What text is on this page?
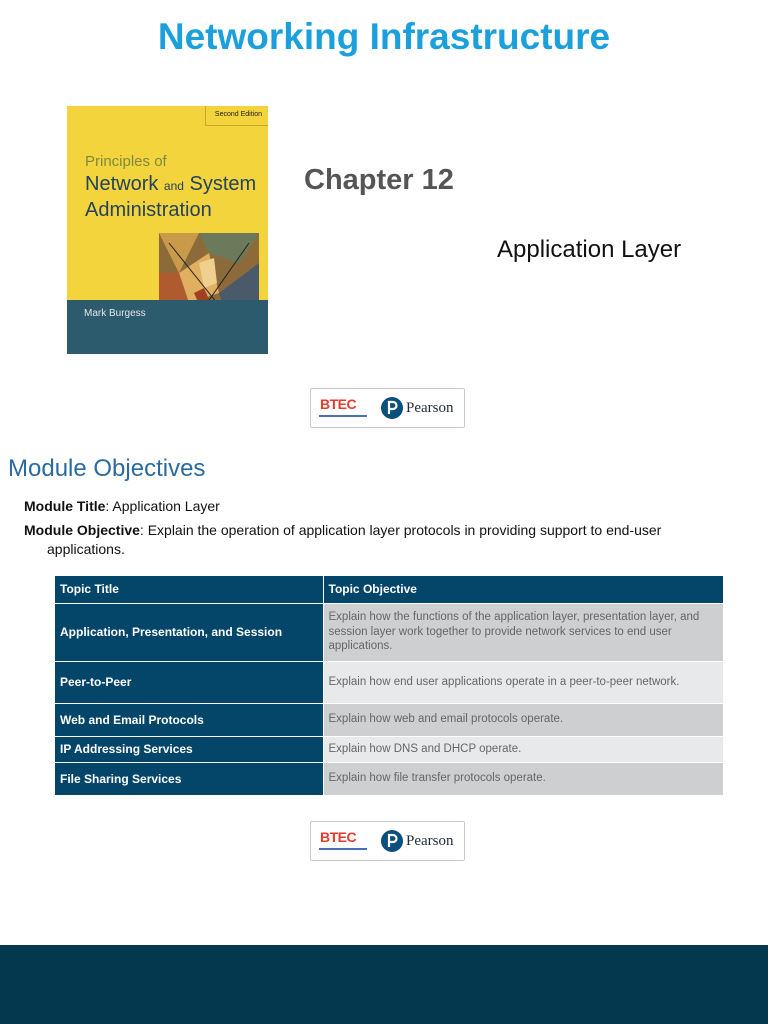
Networking Infrastructure
Second Edition
Principles of
Network and System
Administration
Mark Burgess
Chapter 12
Application Layer
BTEC	Pearson
Module Objectives
Module Title: Application Layer
Module Objective: Explain the operation of application layer protocols in providing support to end-user
applications.
Topic Title	Topic Objective
Application, Presentation, and Session	Explain how the functions of the application layer, presentation layer, and session layer work together to provide network services to end user applications.
Peer-to-Peer	Explain how end user applications operate in a peer-to-peer network.
Web and Email Protocols	Explain how web and email protocols operate.
IP Addressing Services	Explain how DNS and DHCP operate.
File Sharing Services	Explain how file transfer protocols operate.
BTEC	Pearson
